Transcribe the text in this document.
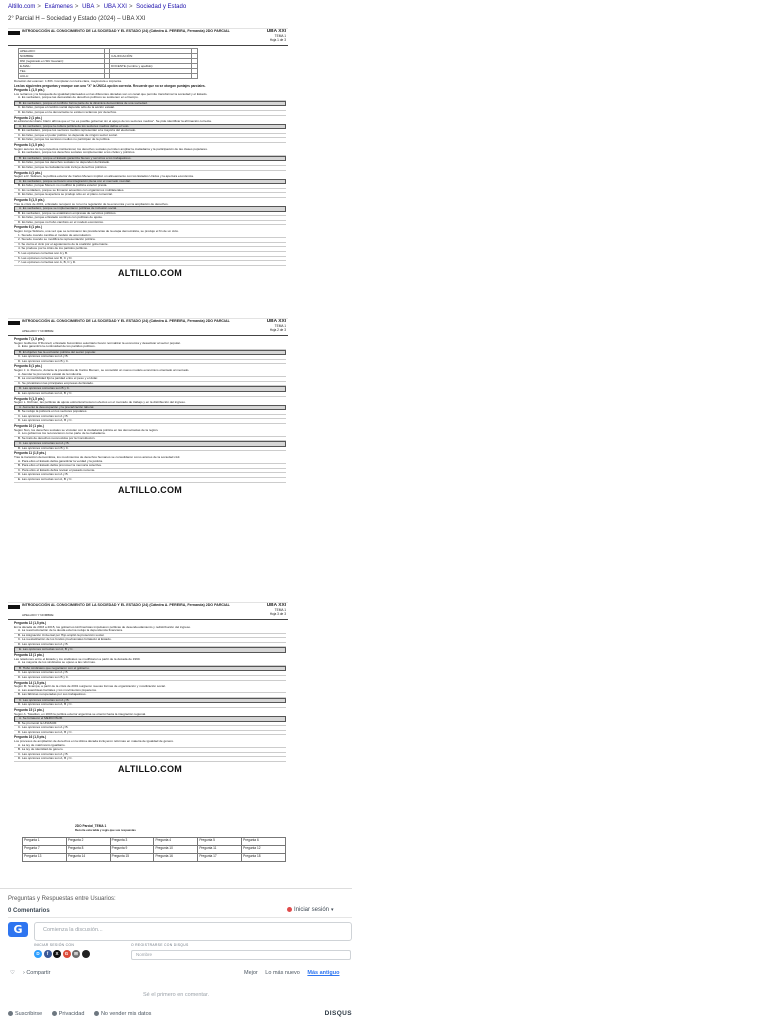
Altillo.com > Exámenes > UBA > UBA XXI > Sociedad y Estado
2° Parcial H – Sociedad y Estado (2024) – UBA XXI
INTRODUCCIÓN AL CONOCIMIENTO DE LA SOCIEDAD Y EL ESTADO (24) (Cátedra A. PEREIRA, Fernanda) 2DO PARCIAL	UBA XXI
TEMA 1
Hoja 1 de 3
APELLIDO:			
NOMBRE:		CALIFICACIÓN:	
DNI (registrado en SIU Guaraní):			
E-MAIL:		DOCENTE (nombre y apellido):	
TEL:			
AULA:			
Duración del examen: 1:30h. Completar con letra clara, mayúscula e imprenta.
Lea las siguientes preguntas y marque con una "X" la ÚNICA opción correcta. Recuerde que no se otorgan puntajes parciales.
Pregunta 1 (1,5 pts.)
Los reclamos y la búsqueda de igualdad planteados en las diferentes décadas son un canal que permite transformar la sociedad y el Estado.
A. Es verdadero, porque las demandas de derechos políticos se sostienen en el tiempo.
B. Es verdadero, porque el conflicto forma parte de la dinámica democrática de una sociedad.
C. Es falso, porque el cambio social depende sólo de la acción estatal.
D. Es falso, porque en la democracia no existen reclamos por derechos.
Pregunta 2 (1 pto.)
El editorial del diario Clarín afirma que el "no es posible gobernar sin el apoyo de los sectores medios". Se pide identificar la afirmación correcta.
A. Es verdadero, porque la cultura política de los sectores medios define el voto.
B. Es verdadero, porque los sectores medios representan a la mayoría del electorado.
C. Es falso, porque el poder político no depende de ningún sector social.
D. Es falso, porque los sectores medios no participan de la política.
Pregunta 3 (1,5 pts.)
Según autores de la perspectiva institucional, los derechos sociales permiten ampliar la ciudadanía y la participación de las clases populares.
A. Es verdadero, porque los derechos sociales complementan a los civiles y políticos.
B. Es verdadero, porque el Estado garantiza bienes y servicios a los trabajadores.
C. Es falso, porque los derechos sociales no dependen del Estado.
D. Es falso, porque la ciudadanía sólo incluye derechos políticos.
Pregunta 4 (1 pto.)
Seguir a R. Sidicaro, la política exterior de Carlos Menem implicó un alineamiento con los Estados Unidos y la apertura económica.
A. Es verdadero, porque se buscó una integración plena con el mercado mundial.
B. Es falso, porque Menem no modificó la política exterior previa.
C. Es verdadero, porque se firmaron acuerdos con organismos multilaterales.
D. Es falso, porque la apertura se produjo sólo en el plano comercial.
Pregunta 5 (1,5 pts.)
Tras la crisis de 2001, el Estado recuperó su rol en la regulación de la economía y en la ampliación de derechos.
A. Es verdadero, porque se implementaron políticas de inclusión social.
B. Es verdadero, porque se estatizaron empresas de servicios públicos.
C. Es falso, porque el Estado continuó con políticas de ajuste.
D. Es falso, porque no hubo cambios en el modelo económico.
Pregunta 6 (1 pto.)
Según Jorge Sidicaro, una vez que se terminaron las presidencias de la etapa democrática, se produjo el fin de un ciclo.
1. Sucede cuando cambia el modelo de acumulación.
2. Sucede cuando se modifica la representación política.
3. Se cierra el ciclo por el agotamiento de la coalición gobernante.
4. Se produce por la crisis de los partidos políticos.
5. Las opciones correctas son A y B.
6. Las opciones correctas son B, C y D.
7. Las opciones correctas son A, B, C y D.
ALTILLO.COM
INTRODUCCIÓN AL CONOCIMIENTO DE LA SOCIEDAD Y EL ESTADO (24) (Cátedra A. PEREIRA, Fernanda) 2DO PARCIAL	UBA XXI
TEMA 1
Hoja 2 de 3
APELLIDO Y NOMBRE:
Pregunta 7 (1,5 pts.)
Según Guillermo O'Donnell, el Estado burocrático autoritario buscó normalizar la economía y desactivar al sector popular.
A. Esto garantizó la continuidad de los partidos políticos.
B. El objetivo fue la exclusión política del sector popular.
C. Las opciones correctas son A y B.
D. Las opciones correctas son B y C.
Pregunta 8 (1 pto.)
Según J. A. Romero, durante la presidencia de Carlos Menem, se consolidó un nuevo modelo económico orientado al mercado.
A. Atender la promoción estatal de la industria.
B. La convertibilidad fijó la paridad entre el peso y el dólar.
C. Se privatizaron las principales empresas del Estado.
D. Las opciones correctas son B y C.
E. Las opciones correctas son A, B y C.
Pregunta 9 (1,5 pts.)
Según L. Rofman, las políticas de ajuste estructural tuvieron efectos en el mercado de trabajo y en la distribución del ingreso.
A. Aumentó la desocupación y la precarización laboral.
B. Se redujo la pobreza en los sectores populares.
C. Las opciones correctas son A y B.
D. Las opciones correctas son A, B y C.
Pregunta 10 (1 pto.)
Según Nun, los derechos sociales se vinculan con la ciudadanía política en las democracias de la región.
A. Los gobiernos los reconocieron como parte de la ciudadanía.
B. Se trató de derechos reconocidos por la Constitución.
C. Las opciones correctas son A y B.
D. Las opciones correctas son B y C.
Pregunta 11 (1,5 pts.)
Tras la transición democrática, los movimientos de derechos humanos se consolidaron como actores de la sociedad civil.
A. Para ellos el Estado debía garantizar la verdad y la justicia.
B. Para ellos el Estado debía promover la memoria colectiva.
C. Para ellos el Estado debía revisar el pasado reciente.
D. Las opciones correctas son A y B.
E. Las opciones correctas son A, B y C.
ALTILLO.COM
INTRODUCCIÓN AL CONOCIMIENTO DE LA SOCIEDAD Y EL ESTADO (24) (Cátedra A. PEREIRA, Fernanda) 2DO PARCIAL	UBA XXI
TEMA 1
Hoja 3 de 3
APELLIDO Y NOMBRE:
Pregunta 12 (1,5 pts.)
En la década de 2003 a 2015, los gobiernos kirchneristas impulsaron políticas de desendeudamiento y redistribución del ingreso.
A. La reestructuración de la deuda externa redujo la dependencia financiera.
B. La Asignación Universal por Hijo amplió la protección social.
C. La reestatización de los fondos previsionales fortaleció al Estado.
D. Las opciones correctas son A y B.
E. Las opciones correctas son A, B y C.
Pregunta 13 (1 pto.)
Las relaciones entre el Estado y los sindicatos se modificaron a partir de la década de 1990.
A. La mayoría de los sindicatos se opuso a las reformas.
B. Hubo sindicatos que negociaron con el gobierno.
C. Las opciones correctas son A y B.
D. Las opciones correctas son B y C.
Pregunta 14 (1,5 pts.)
Según M. Svampa, a partir de la crisis de 2001 surgieron nuevas formas de organización y movilización social.
A. Las asambleas barriales y los movimientos piqueteros.
B. Las fábricas recuperadas por sus trabajadores.
C. Las opciones correctas son A y B.
D. Las opciones correctas son A, B y C.
Pregunta 15 (1 pto.)
Según A. Tokatlian, en 2003 la política exterior argentina se orientó hacia la integración regional.
A. Se fortaleció el MERCOSUR.
B. Se promovió la UNASUR.
C. Las opciones correctas son A y B.
D. Las opciones correctas son A, B y C.
Pregunta 16 (1,5 pts.)
Los procesos de ampliación de derechos en la última década incluyeron reformas en materia de igualdad de género.
A. La ley de matrimonio igualitario.
B. La ley de identidad de género.
C. Las opciones correctas son A y B.
D. Las opciones correctas son A, B y C.
ALTILLO.COM
2DO Parcial_TEMA 1
Recorte esta tabla y regís que sus respuestas
Pregunta 1	Pregunta 2	Pregunta 3	Pregunta 4	Pregunta 5	Pregunta 6
Pregunta 7	Pregunta 8	Pregunta 9	Pregunta 10	Pregunta 11	Pregunta 12
Pregunta 13	Pregunta 14	Pregunta 15	Pregunta 16	Pregunta 17	Pregunta 18
Preguntas y Respuestas entre Usuarios:
0 Comentarios	Iniciar sesión ▾
G	Comienza la discusión...
INICIAR SESIÓN CON	O REGISTRARSE CON DISQUS
D f X G ⊞	Nombre
♡ › Compartir	Mejor Lo más nuevo Más antiguo
Sé el primero en comentar.
Suscribirse	Privacidad	No vender mis datos	DISQUS
